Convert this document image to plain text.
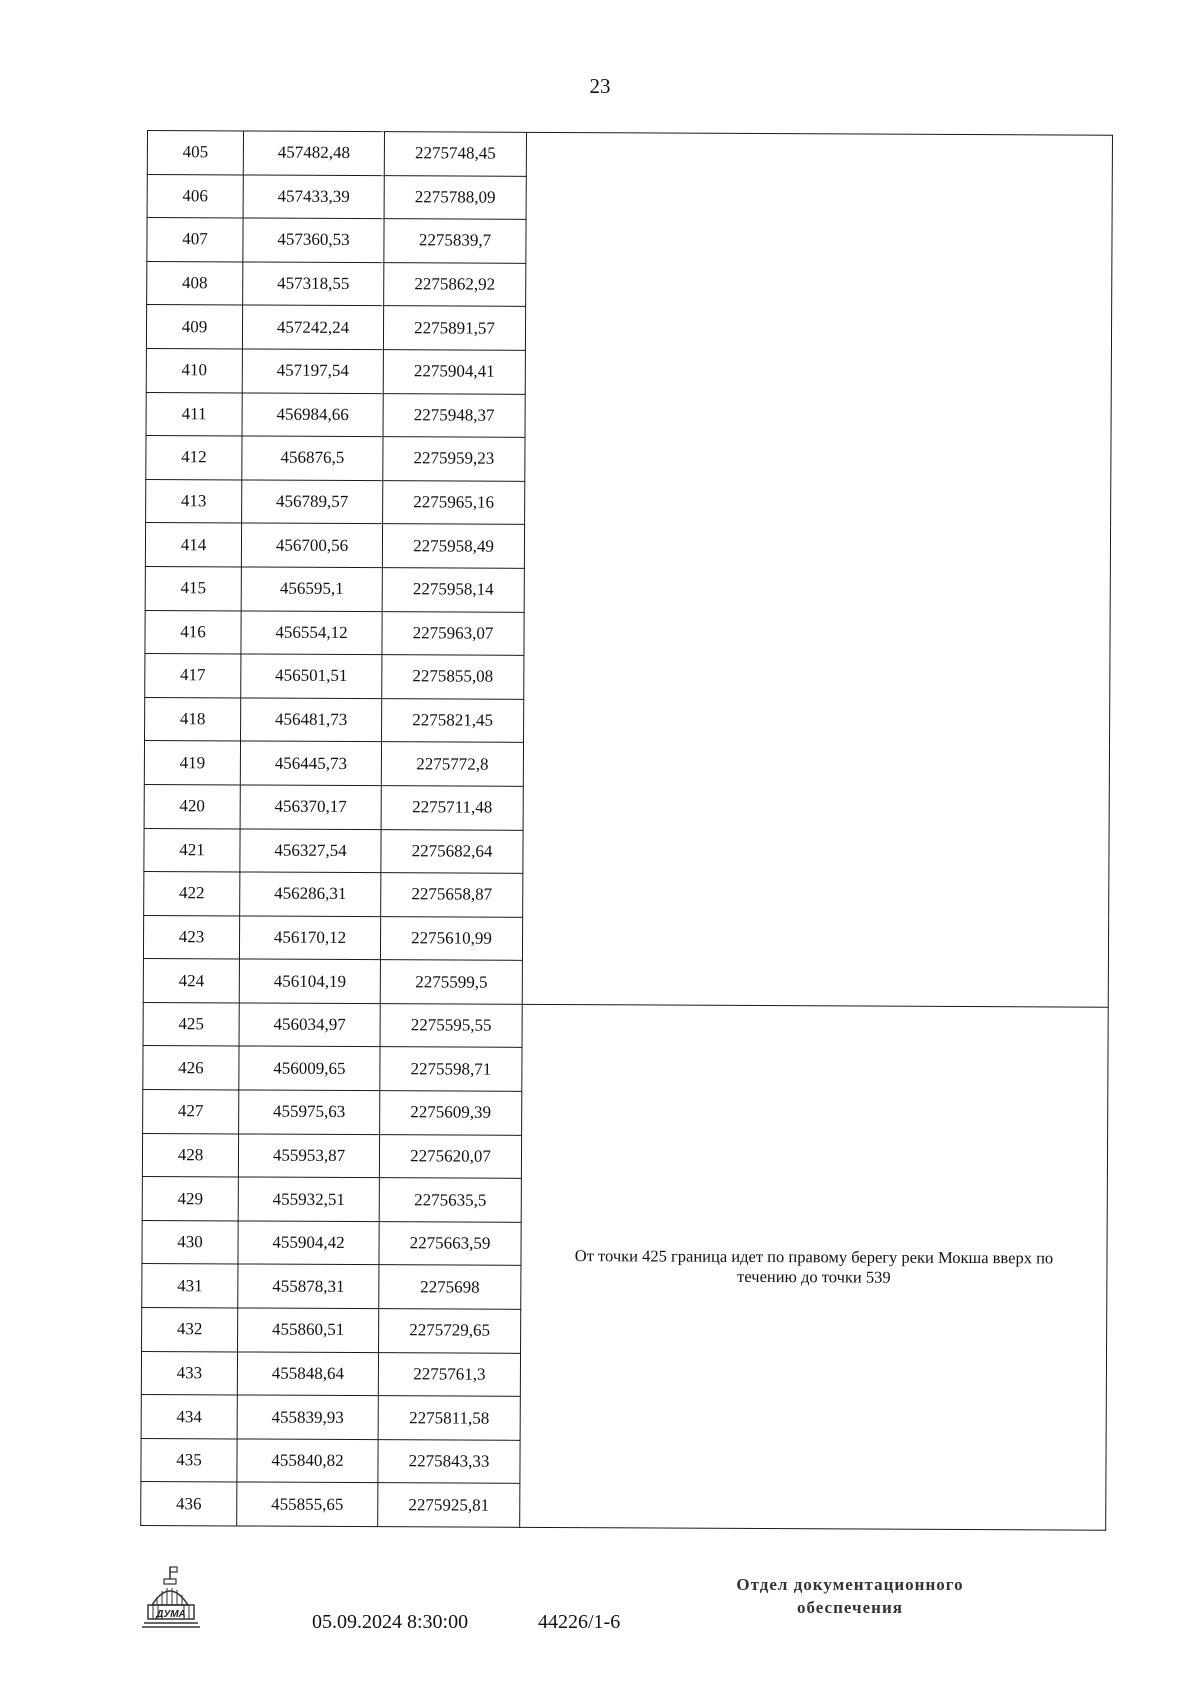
23
405	457482,48	2275748,45	
406	457433,39	2275788,09	
407	457360,53	2275839,7	
408	457318,55	2275862,92	
409	457242,24	2275891,57	
410	457197,54	2275904,41	
411	456984,66	2275948,37	
412	456876,5	2275959,23	
413	456789,57	2275965,16	
414	456700,56	2275958,49	
415	456595,1	2275958,14	
416	456554,12	2275963,07	
417	456501,51	2275855,08	
418	456481,73	2275821,45	
419	456445,73	2275772,8	
420	456370,17	2275711,48	
421	456327,54	2275682,64	
422	456286,31	2275658,87	
423	456170,12	2275610,99	
424	456104,19	2275599,5	
425	456034,97	2275595,55	От точки 425 граница идет по правому берегу реки Мокша вверх по течению до точки 539
426	456009,65	2275598,71	
427	455975,63	2275609,39	
428	455953,87	2275620,07	
429	455932,51	2275635,5	
430	455904,42	2275663,59	
431	455878,31	2275698	
432	455860,51	2275729,65	
433	455848,64	2275761,3	
434	455839,93	2275811,58	
435	455840,82	2275843,33	
436	455855,65	2275925,81	
ДУМА	05.09.2024 8:30:00	44226/1-6
Отдел документационного
обеспечения
